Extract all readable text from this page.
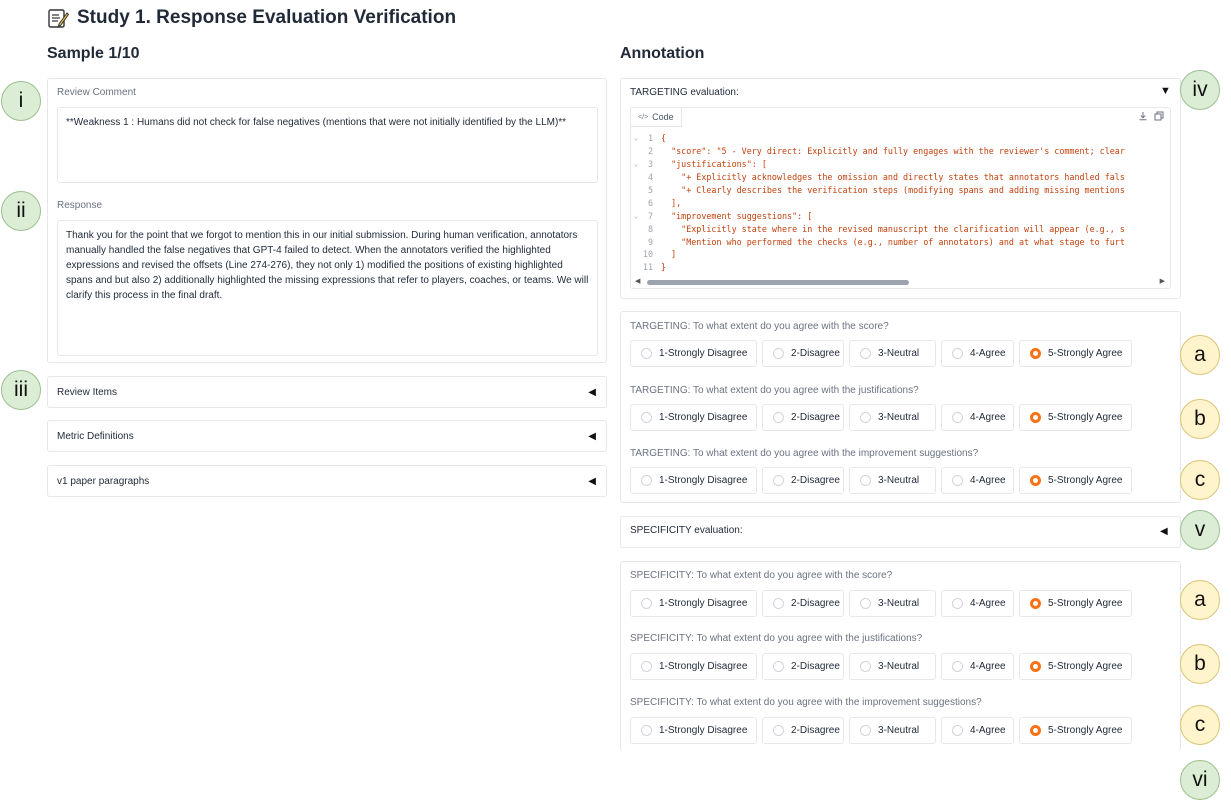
Study 1. Response Evaluation Verification
Sample 1/10
Review Comment
**Weakness 1 : Humans did not check for false negatives (mentions that were not initially identified by the LLM)**
Response
Thank you for the point that we forgot to mention this in our initial submission. During human verification, annotators manually handled the false negatives that GPT-4 failed to detect. When the annotators verified the highlighted expressions and revised the offsets (Line 274-276), they not only 1) modified the positions of existing highlighted spans and but also 2) additionally highlighted the missing expressions that refer to players, coaches, or teams. We will clarify this process in the final draft.
Review Items	◀
Metric Definitions	◀
v1 paper paragraphs	◀
Annotation
TARGETING evaluation:	▼
</> Code
⌄	1 {
2 "score": "5 - Very direct: Explicitly and fully engages with the reviewer's comment; clear
⌄	3 "justifications": [
4 "+ Explicitly acknowledges the omission and directly states that annotators handled fals
5 "+ Clearly describes the verification steps (modifying spans and adding missing mentions
6 ],
⌄	7 "improvement suggestions": [
8 "Explicitly state where in the revised manuscript the clarification will appear (e.g., s
9 "Mention who performed the checks (e.g., number of annotators) and at what stage to furt
10 ]
11 }
◀	▶
TARGETING: To what extent do you agree with the score?
1-Strongly Disagree	2-Disagree	3-Neutral	4-Agree	5-Strongly Agree
TARGETING: To what extent do you agree with the justifications?
1-Strongly Disagree	2-Disagree	3-Neutral	4-Agree	5-Strongly Agree
TARGETING: To what extent do you agree with the improvement suggestions?
1-Strongly Disagree	2-Disagree	3-Neutral	4-Agree	5-Strongly Agree
SPECIFICITY evaluation:	◀
SPECIFICITY: To what extent do you agree with the score?
1-Strongly Disagree	2-Disagree	3-Neutral	4-Agree	5-Strongly Agree
SPECIFICITY: To what extent do you agree with the justifications?
1-Strongly Disagree	2-Disagree	3-Neutral	4-Agree	5-Strongly Agree
SPECIFICITY: To what extent do you agree with the improvement suggestions?
1-Strongly Disagree	2-Disagree	3-Neutral	4-Agree	5-Strongly Agree
i
ii
iii
iv
a
b
c
v
a
b
c
vi
